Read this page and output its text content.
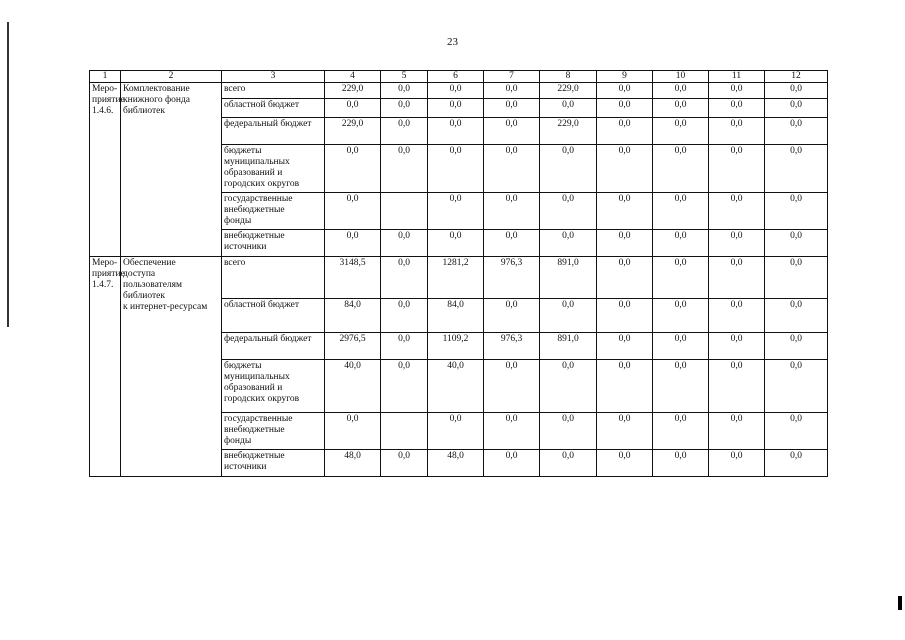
23
1	2	3	4	5	6	7	8	9	10	11	12
Меро-
приятие
1.4.6.	Комплектование
книжного фонда
библиотек	всего	229,0	0,0	0,0	0,0	229,0	0,0	0,0	0,0	0,0
		областной бюджет	0,0	0,0	0,0	0,0	0,0	0,0	0,0	0,0	0,0
		федеральный бюджет	229,0	0,0	0,0	0,0	229,0	0,0	0,0	0,0	0,0
		бюджеты
муниципальных
образований и
городских округов	0,0	0,0	0,0	0,0	0,0	0,0	0,0	0,0	0,0
		государственные
внебюджетные
фонды	0,0		0,0	0,0	0,0	0,0	0,0	0,0	0,0
		внебюджетные
источники	0,0	0,0	0,0	0,0	0,0	0,0	0,0	0,0	0,0
Меро-
приятие
1.4.7.	Обеспечение
доступа
пользователям
библиотек
к интернет-ресурсам	всего	3148,5	0,0	1281,2	976,3	891,0	0,0	0,0	0,0	0,0
		областной бюджет	84,0	0,0	84,0	0,0	0,0	0,0	0,0	0,0	0,0
		федеральный бюджет	2976,5	0,0	1109,2	976,3	891,0	0,0	0,0	0,0	0,0
		бюджеты
муниципальных
образований и
городских округов	40,0	0,0	40,0	0,0	0,0	0,0	0,0	0,0	0,0
		государственные
внебюджетные
фонды	0,0		0,0	0,0	0,0	0,0	0,0	0,0	0,0
		внебюджетные
источники	48,0	0,0	48,0	0,0	0,0	0,0	0,0	0,0	0,0
